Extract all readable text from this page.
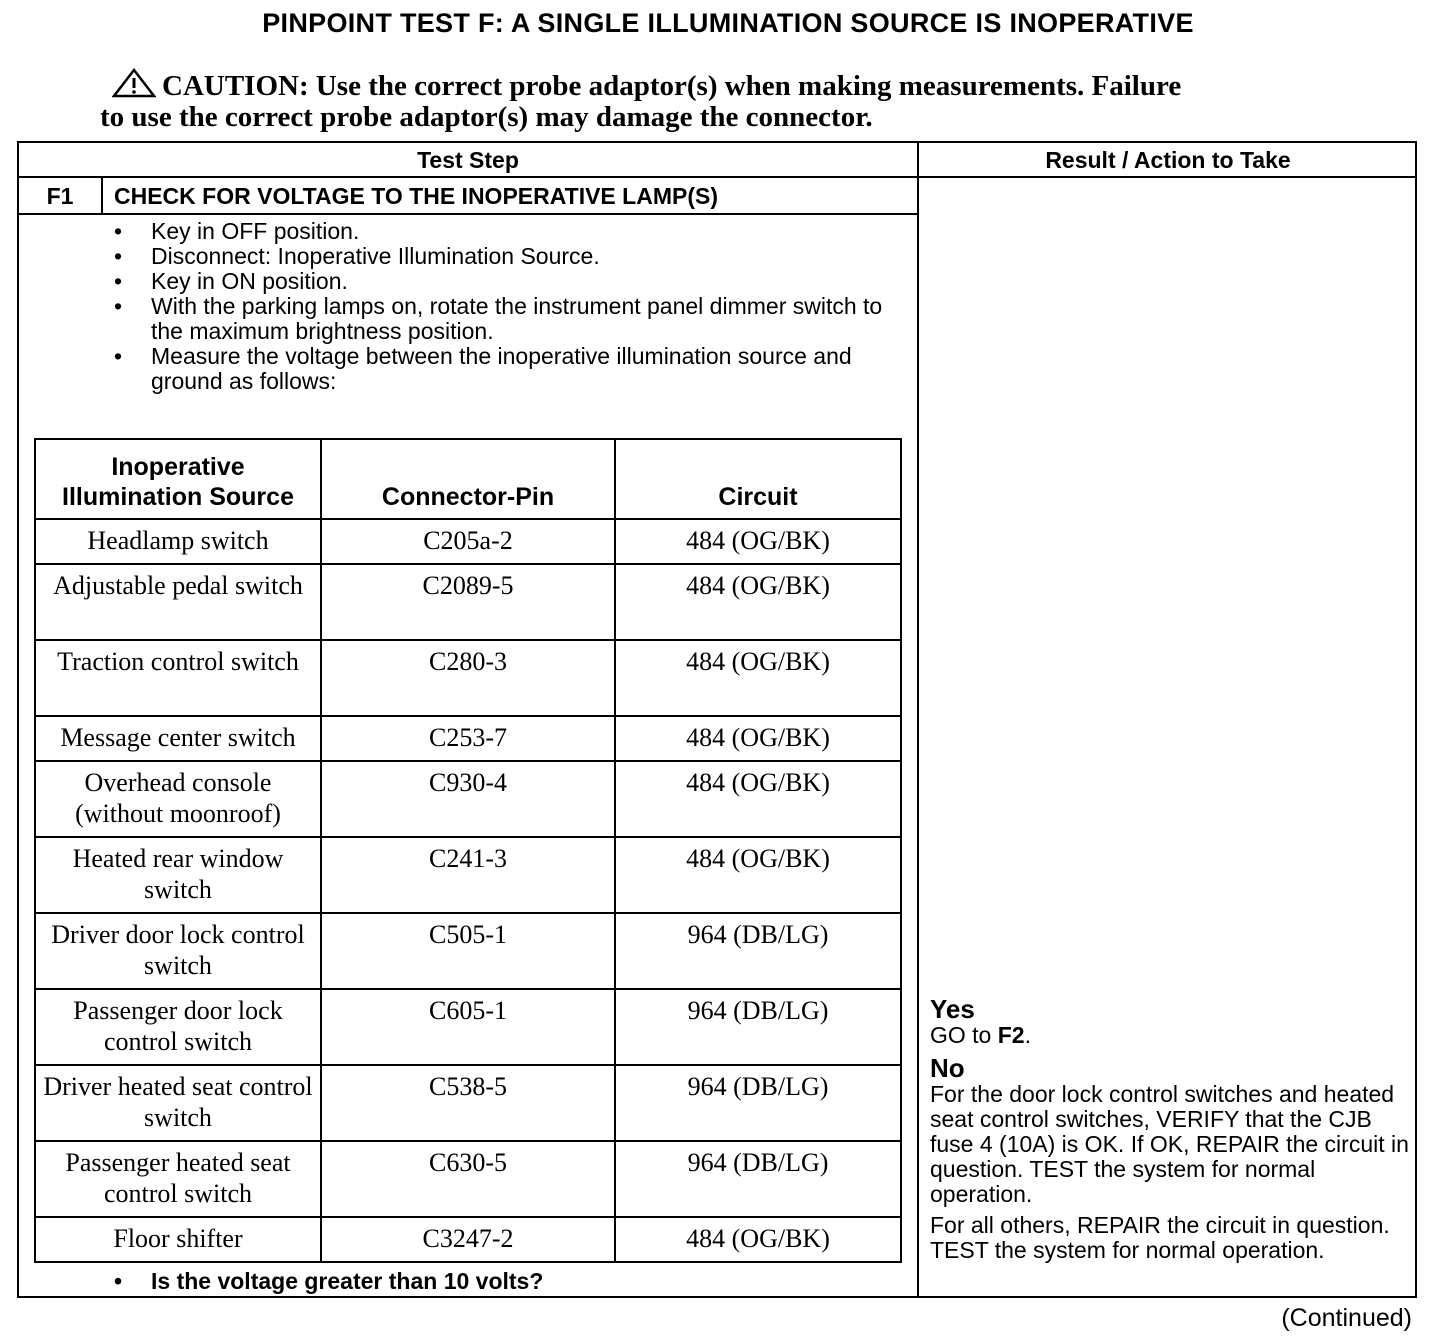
PINPOINT TEST F: A SINGLE ILLUMINATION SOURCE IS INOPERATIVE
CAUTION: Use the correct probe adaptor(s) when making measurements. Failure
to use the correct probe adaptor(s) may damage the connector.
Test Step	Result / Action to Take
F1	CHECK FOR VOLTAGE TO THE INOPERATIVE LAMP(S)
• Key in OFF position.
• Disconnect: Inoperative Illumination Source.
• Key in ON position.
• With the parking lamps on, rotate the instrument panel dimmer switch to the maximum brightness position.
• Measure the voltage between the inoperative illumination source and ground as follows:
Inoperative Illumination Source	Connector-Pin	Circuit
Headlamp switch	C205a-2	484 (OG/BK)
Adjustable pedal switch	C2089-5	484 (OG/BK)
Traction control switch	C280-3	484 (OG/BK)
Message center switch	C253-7	484 (OG/BK)
Overhead console (without moonroof)	C930-4	484 (OG/BK)
Heated rear window switch	C241-3	484 (OG/BK)
Driver door lock control switch	C505-1	964 (DB/LG)
Passenger door lock control switch	C605-1	964 (DB/LG)
Driver heated seat control switch	C538-5	964 (DB/LG)
Passenger heated seat control switch	C630-5	964 (DB/LG)
Floor shifter	C3247-2	484 (OG/BK)
• Is the voltage greater than 10 volts?

Yes

GO to F2.

No

For the door lock control switches and heated seat control switches, VERIFY that the CJB fuse 4 (10A) is OK. If OK, REPAIR the circuit in question. TEST the system for normal operation.

For all others, REPAIR the circuit in question. TEST the system for normal operation.

(Continued)
